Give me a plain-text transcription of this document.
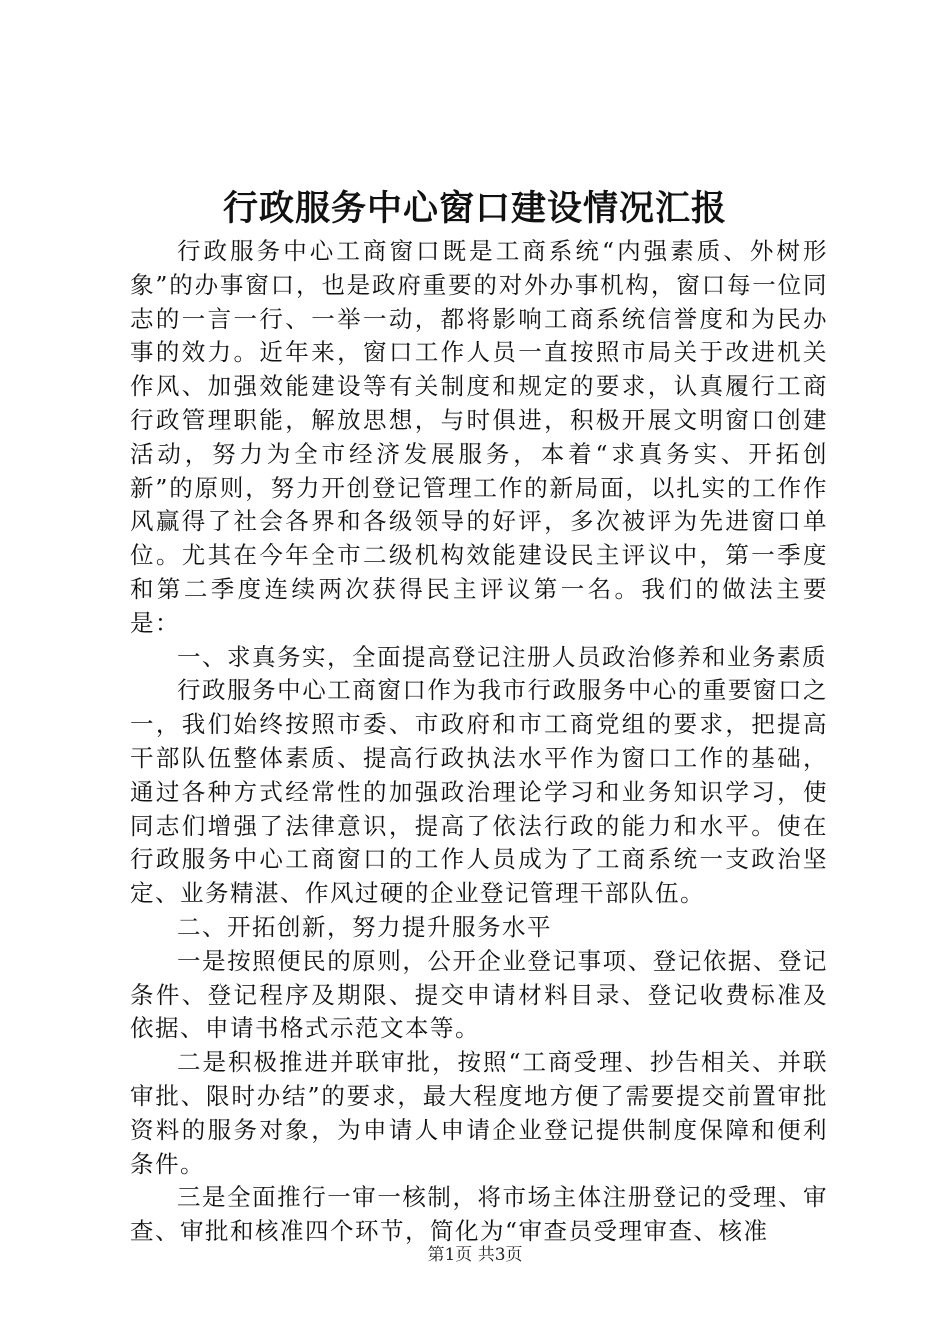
行政服务中心窗口建设情况汇报

行政服务中心工商窗口既是工商系统“内强素质、外树形象”的办事窗口，也是政府重要的对外办事机构，窗口每一位同志的一言一行、一举一动，都将影响工商系统信誉度和为民办事的效力。近年来，窗口工作人员一直按照市局关于改进机关作风、加强效能建设等有关制度和规定的要求，认真履行工商行政管理职能，解放思想，与时俱进，积极开展文明窗口创建活动，努力为全市经济发展服务，本着“求真务实、开拓创新”的原则，努力开创登记管理工作的新局面，以扎实的工作作风赢得了社会各界和各级领导的好评，多次被评为先进窗口单位。尤其在今年全市二级机构效能建设民主评议中，第一季度和第二季度连续两次获得民主评议第一名。我们的做法主要是：

一、求真务实，全面提高登记注册人员政治修养和业务素质

行政服务中心工商窗口作为我市行政服务中心的重要窗口之一，我们始终按照市委、市政府和市工商党组的要求，把提高干部队伍整体素质、提高行政执法水平作为窗口工作的基础，通过各种方式经常性的加强政治理论学习和业务知识学习，使同志们增强了法律意识，提高了依法行政的能力和水平。使在行政服务中心工商窗口的工作人员成为了工商系统一支政治坚定、业务精湛、作风过硬的企业登记管理干部队伍。

二、开拓创新，努力提升服务水平

一是按照便民的原则，公开企业登记事项、登记依据、登记条件、登记程序及期限、提交申请材料目录、登记收费标准及依据、申请书格式示范文本等。

二是积极推进并联审批，按照“工商受理、抄告相关、并联审批、限时办结”的要求，最大程度地方便了需要提交前置审批资料的服务对象，为申请人申请企业登记提供制度保障和便利条件。

三是全面推行一审一核制，将市场主体注册登记的受理、审查、审批和核准四个环节，简化为“审查员受理审查、核准

第1页 共3页
